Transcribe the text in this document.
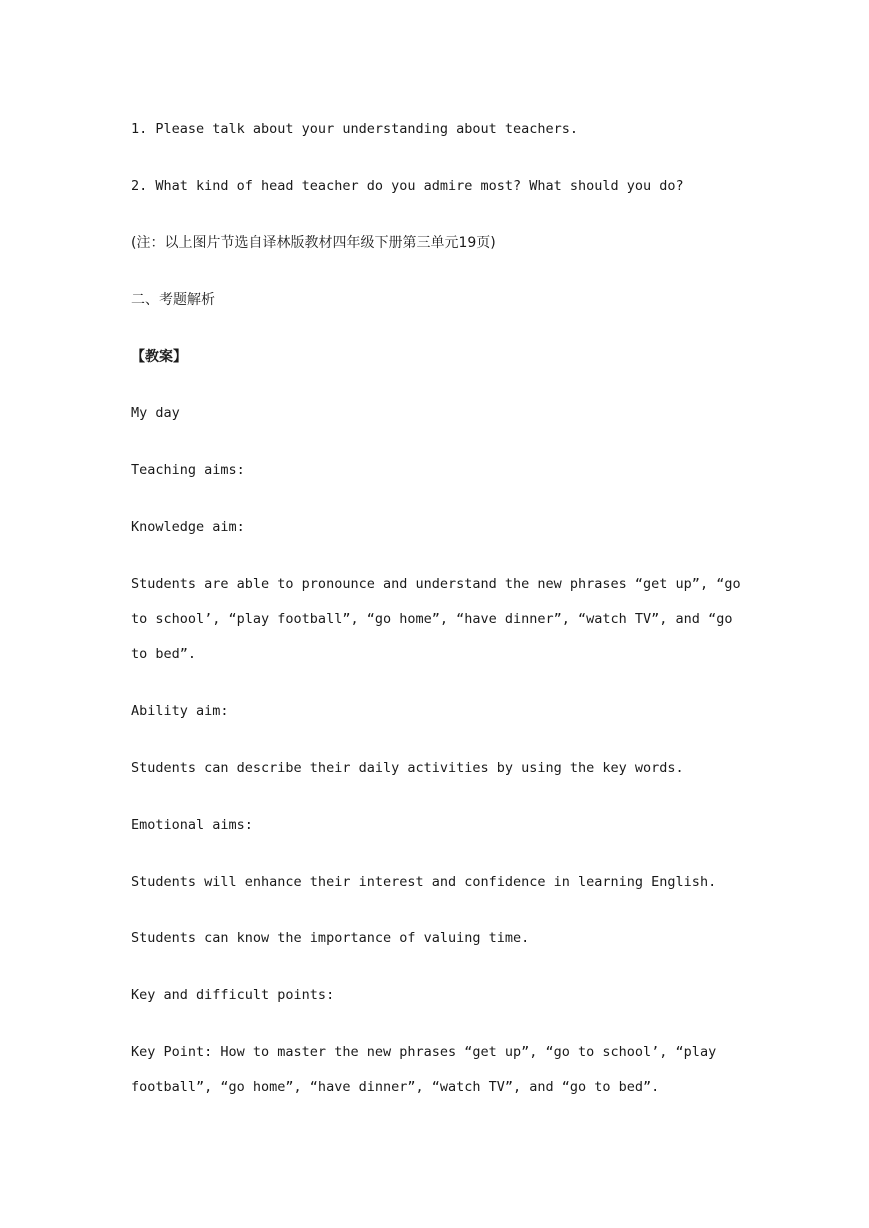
1. Please talk about your understanding about teachers.
2. What kind of head teacher do you admire most? What should you do?
(注：以上图片节选自译林版教材四年级下册第三单元19页)
二、考题解析
【教案】
My day
Teaching aims:
Knowledge aim:
Students are able to pronounce and understand the new phrases “get up”, “go to school’, “play football”, “go home”, “have dinner”, “watch TV”, and “go to bed”.
Ability aim:
Students can describe their daily activities by using the key words.
Emotional aims:
Students will enhance their interest and confidence in learning English.
Students can know the importance of valuing time.
Key and difficult points:
Key Point: How to master the new phrases “get up”, “go to school’, “play football”, “go home”, “have dinner”, “watch TV”, and “go to bed”.
